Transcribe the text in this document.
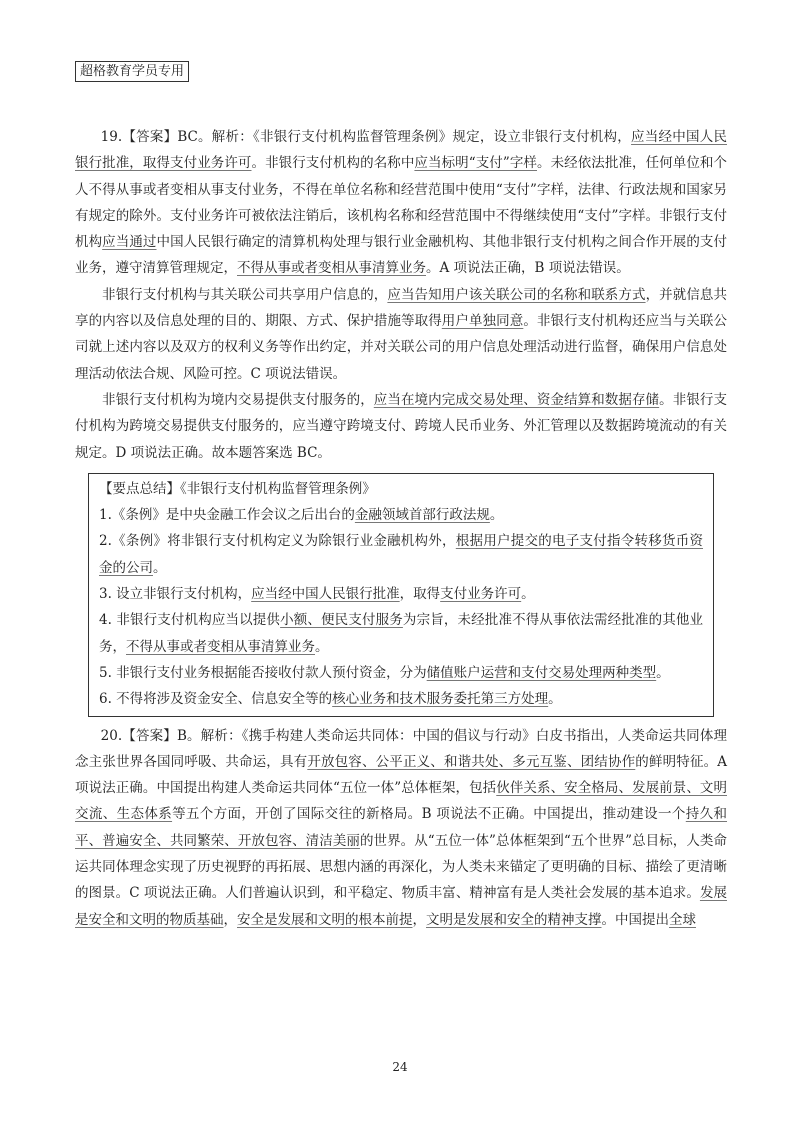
超格教育学员专用

19.【答案】BC。解析：《非银行支付机构监督管理条例》规定，设立非银行支付机构，应当经中国人民银行批准，取得支付业务许可。非银行支付机构的名称中应当标明“支付”字样。未经依法批准，任何单位和个人不得从事或者变相从事支付业务，不得在单位名称和经营范围中使用“支付”字样，法律、行政法规和国家另有规定的除外。支付业务许可被依法注销后，该机构名称和经营范围中不得继续使用“支付”字样。非银行支付机构应当通过中国人民银行确定的清算机构处理与银行业金融机构、其他非银行支付机构之间合作开展的支付业务，遵守清算管理规定，不得从事或者变相从事清算业务。A 项说法正确，B 项说法错误。

非银行支付机构与其关联公司共享用户信息的，应当告知用户该关联公司的名称和联系方式，并就信息共享的内容以及信息处理的目的、期限、方式、保护措施等取得用户单独同意。非银行支付机构还应当与关联公司就上述内容以及双方的权利义务等作出约定，并对关联公司的用户信息处理活动进行监督，确保用户信息处理活动依法合规、风险可控。C 项说法错误。

非银行支付机构为境内交易提供支付服务的，应当在境内完成交易处理、资金结算和数据存储。非银行支付机构为跨境交易提供支付服务的，应当遵守跨境支付、跨境人民币业务、外汇管理以及数据跨境流动的有关规定。D 项说法正确。故本题答案选 BC。

【要点总结】《非银行支付机构监督管理条例》

1.《条例》是中央金融工作会议之后出台的金融领域首部行政法规。

2.《条例》将非银行支付机构定义为除银行业金融机构外，根据用户提交的电子支付指令转移货币资金的公司。

3. 设立非银行支付机构，应当经中国人民银行批准，取得支付业务许可。

4. 非银行支付机构应当以提供小额、便民支付服务为宗旨，未经批准不得从事依法需经批准的其他业务，不得从事或者变相从事清算业务。

5. 非银行支付业务根据能否接收付款人预付资金，分为储值账户运营和支付交易处理两种类型。

6. 不得将涉及资金安全、信息安全等的核心业务和技术服务委托第三方处理。

20.【答案】B。解析：《携手构建人类命运共同体：中国的倡议与行动》白皮书指出，人类命运共同体理念主张世界各国同呼吸、共命运，具有开放包容、公平正义、和谐共处、多元互鉴、团结协作的鲜明特征。A 项说法正确。中国提出构建人类命运共同体“五位一体”总体框架，包括伙伴关系、安全格局、发展前景、文明交流、生态体系等五个方面，开创了国际交往的新格局。B 项说法不正确。中国提出，推动建设一个持久和平、普遍安全、共同繁荣、开放包容、清洁美丽的世界。从“五位一体”总体框架到“五个世界”总目标，人类命运共同体理念实现了历史视野的再拓展、思想内涵的再深化，为人类未来锚定了更明确的目标、描绘了更清晰的图景。C 项说法正确。人们普遍认识到，和平稳定、物质丰富、精神富有是人类社会发展的基本追求。发展是安全和文明的物质基础，安全是发展和文明的根本前提，文明是发展和安全的精神支撑。中国提出全球

24
